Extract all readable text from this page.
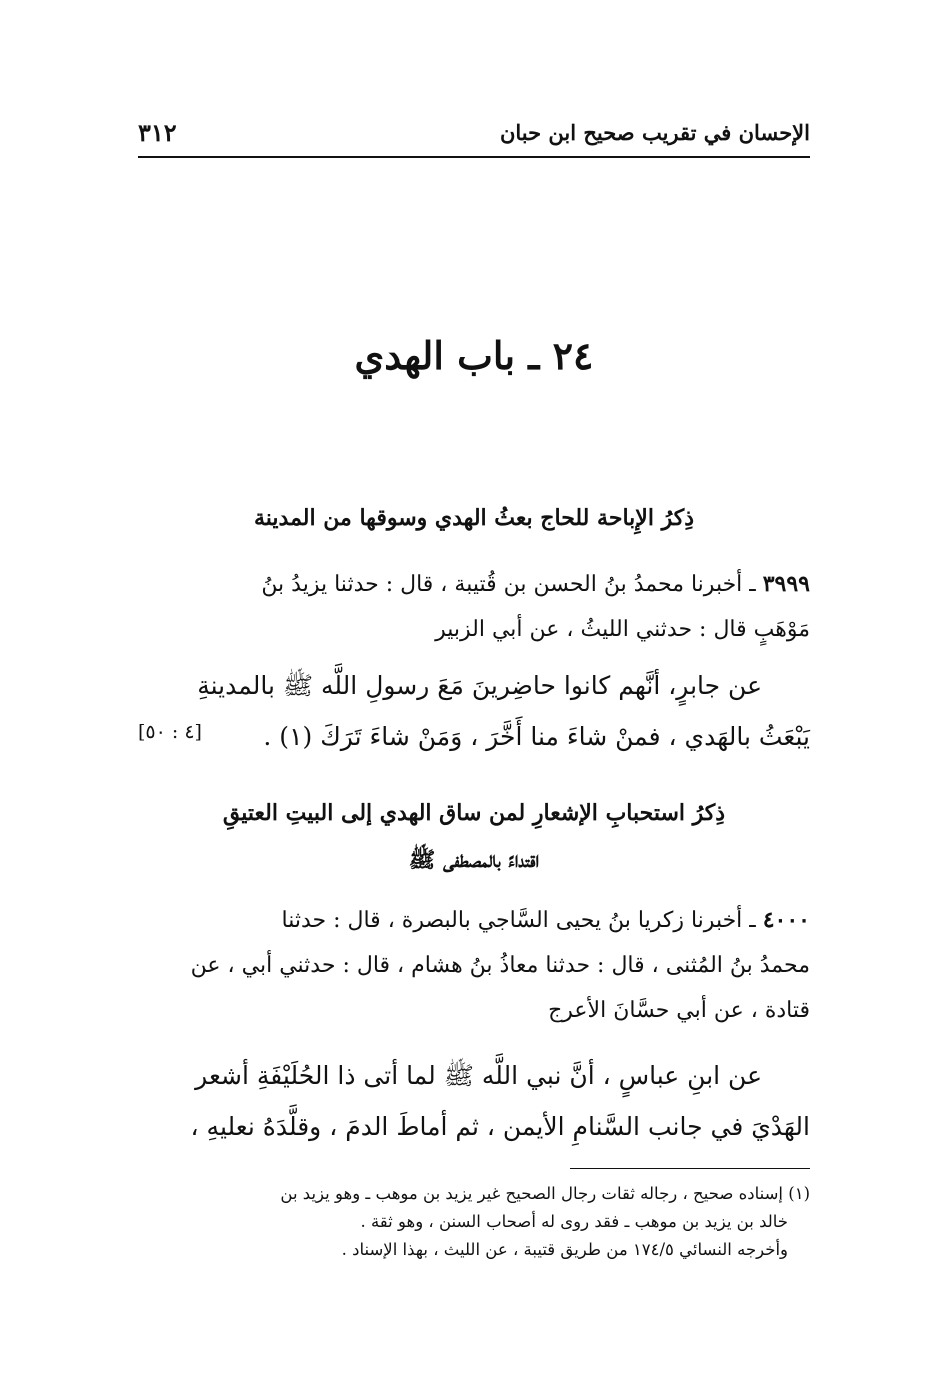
٣١٢	الإحسان في تقريب صحيح ابن حبان
٢٤ ـ باب الهدي
ذِكرُ الإِباحة للحاج بعثُ الهدي وسوقها من المدينة
٣٩٩٩ ـ أخبرنا محمدُ بنُ الحسن بن قُتيبة ، قال : حدثنا يزيدُ بنُ
مَوْهَبٍ قال : حدثني الليثُ ، عن أبي الزبير
عن جابرٍ، أنَّهم كانوا حاضِرينَ مَعَ رسولِ اللَّه ﷺ بالمدينةِ
يَبْعَثُ بالهَدي ، فمنْ شاءَ منا أَخَّرَ ، وَمَنْ شاءَ تَرَكَ (١) .
[٤ : ٥٠]
ذِكرُ استحبابِ الإشعارِ لمن ساق الهدي إلى البيتِ العتيقِ
اقتداءً بالمصطفى ﷺ
٤٠٠٠ ـ أخبرنا زكريا بنُ يحيى السَّاجي بالبصرة ، قال : حدثنا
محمدُ بنُ المُثنى ، قال : حدثنا معاذُ بنُ هشام ، قال : حدثني أبي ، عن
قتادة ، عن أبي حسَّانَ الأعرج
عن ابنِ عباسٍ ، أنَّ نبي اللَّه ﷺ لما أتى ذا الحُلَيْفَةِ أشعر
الهَدْيَ في جانب السَّنامِ الأيمن ، ثم أماطَ الدمَ ، وقلَّدَهُ نعليهِ ،
(١) إسناده صحيح ، رجاله ثقات رجال الصحيح غير يزيد بن موهب ـ وهو يزيد بن
خالد بن يزيد بن موهب ـ فقد روى له أصحاب السنن ، وهو ثقة .
وأخرجه النسائي ١٧٤/٥ من طريق قتيبة ، عن الليث ، بهذا الإسناد .
